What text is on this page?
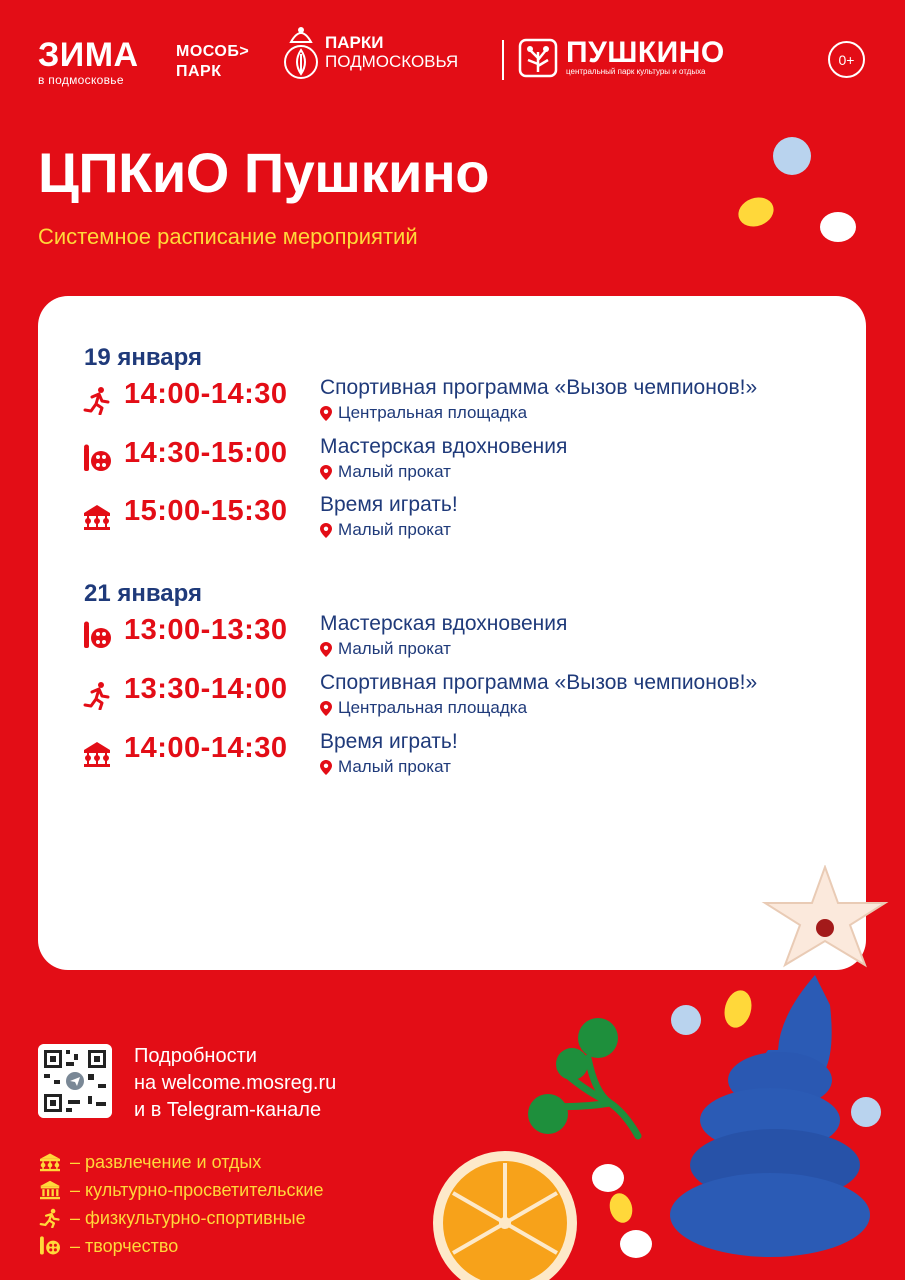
ЗИМА
в подмосковье
МОСОБ>
ПАРК
ПАРКИ
ПОДМОСКОВЬЯ	ПУШКИНО
центральный парк культуры и отдыха
0+
ЦПКиО Пушкино
Системное расписание мероприятий
19 января
14:00-14:30 Спортивная программа «Вызов чемпионов!»
Центральная площадка
14:30-15:00 Мастерская вдохновения
Малый прокат
15:00-15:30 Время играть!
Малый прокат
21 января
13:00-13:30 Мастерская вдохновения
Малый прокат
13:30-14:00 Спортивная программа «Вызов чемпионов!»
Центральная площадка
14:00-14:30 Время играть!
Малый прокат
Подробности
на welcome.mosreg.ru
и в Telegram-канале
– развлечение и отдых
– культурно-просветительские
– физкультурно-спортивные
– творчество
